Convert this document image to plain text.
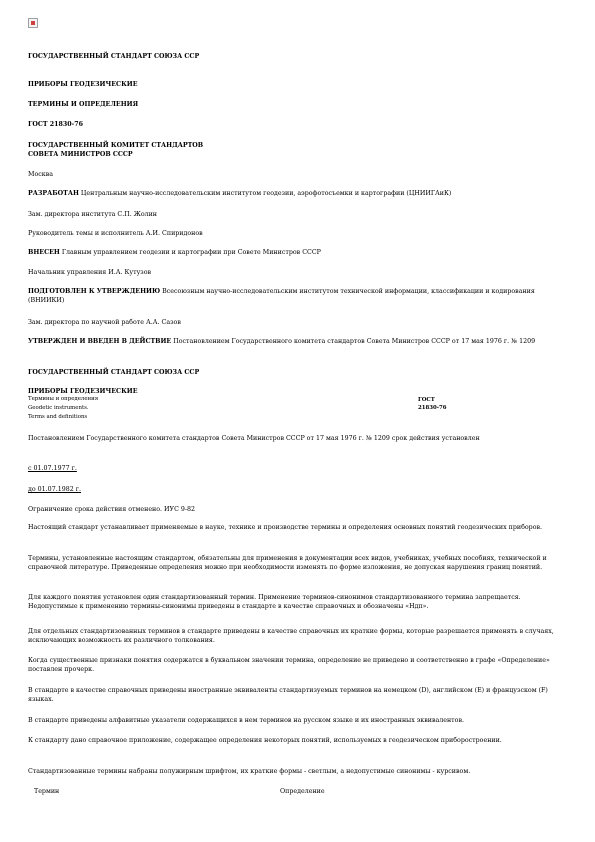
ГОСУДАРСТВЕННЫЙ СТАНДАРТ СОЮЗА ССР
ПРИБОРЫ ГЕОДЕЗИЧЕСКИЕ
ТЕРМИНЫ И ОПРЕДЕЛЕНИЯ
ГОСТ 21830-76
ГОСУДАРСТВЕННЫЙ КОМИТЕТ СТАНДАРТОВ
СОВЕТА МИНИСТРОВ СССР
Москва
РАЗРАБОТАН Центральным научно-исследовательским институтом геодезии, аэрофотосъемки и картографии (ЦНИИГАиК)
Зам. директора института С.П. Жолин
Руководитель темы и исполнитель А.И. Спиридонов
ВНЕСЕН Главным управлением геодезии и картографии при Совете Министров СССР
Начальник управления И.А. Кутузов
ПОДГОТОВЛЕН К УТВЕРЖДЕНИЮ Всесоюзным научно-исследовательским институтом технической информации, классификации и кодирования (ВНИИКИ)
Зам. директора по научной работе А.А. Сазов
УТВЕРЖДЕН И ВВЕДЕН В ДЕЙСТВИЕ Постановлением Государственного комитета стандартов Совета Министров СССР от 17 мая 1976 г. № 1209
ГОСУДАРСТВЕННЫЙ СТАНДАРТ СОЮЗА ССР
ПРИБОРЫ ГЕОДЕЗИЧЕСКИЕ
Термины и определения	ГОСТ
Geodetic instruments.	21830-76
Terms and definitions
Постановлением Государственного комитета стандартов Совета Министров СССР от 17 мая 1976 г. № 1209 срок действия установлен
с 01.07.1977 г.
до 01.07.1982 г.
Ограничение срока действия отменено. ИУС 9-82
Настоящий стандарт устанавливает применяемые в науке, технике и производстве термины и определения основных понятий геодезических приборов.
Термины, установленные настоящим стандартом, обязательны для применения в документации всех видов, учебниках, учебных пособиях, технической и справочной литературе. Приведенные определения можно при необходимости изменять по форме изложения, не допуская нарушения границ понятий.
Для каждого понятия установлен один стандартизованный термин. Применение терминов-синонимов стандартизованного термина запрещается. Недопустимые к применению термины-синонимы приведены в стандарте в качестве справочных и обозначены «Ндп».
Для отдельных стандартизованных терминов в стандарте приведены в качестве справочных их краткие формы, которые разрешается применять в случаях, исключающих возможность их различного толкования.
Когда существенные признаки понятия содержатся в буквальном значении термина, определение не приведено и соответственно в графе «Определение» поставлен прочерк.
В стандарте в качестве справочных приведены иностранные эквиваленты стандартизуемых терминов на немецком (D), английском (E) и французском (F) языках.
В стандарте приведены алфавитные указатели содержащихся в нем терминов на русском языке и их иностранных эквивалентов.
К стандарту дано справочное приложение, содержащее определения некоторых понятий, используемых в геодезическом приборостроении.
Стандартизованные термины набраны полужирным шрифтом, их краткие формы - светлым, а недопустимые синонимы - курсивом.
Термин	Определение
